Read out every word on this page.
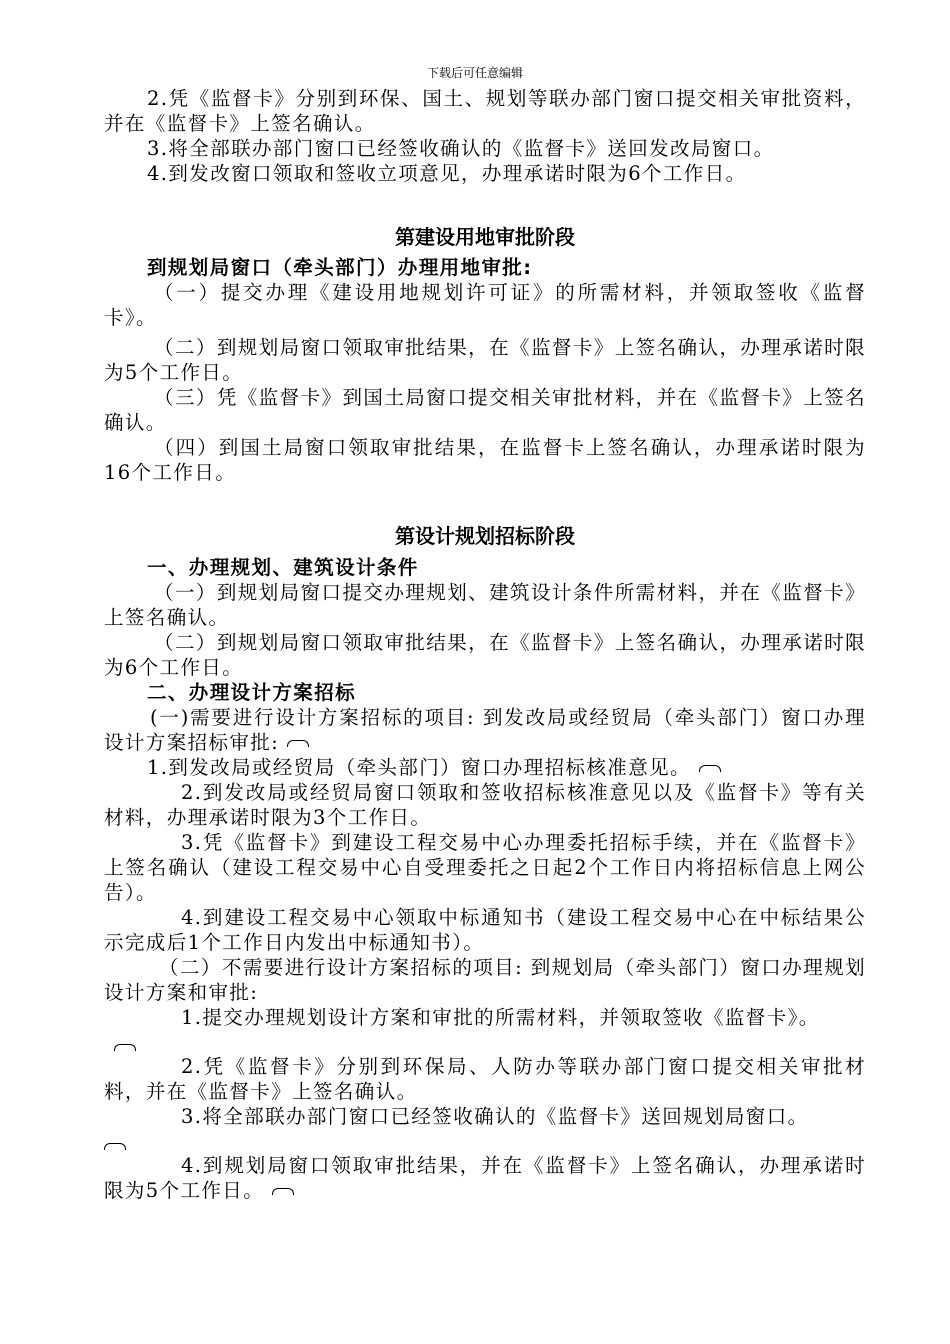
下载后可任意编辑

2.凭《监督卡》分别到环保、国土、规划等联办部门窗口提交相关审批资料，并在《监督卡》上签名确认。

3.将全部联办部门窗口已经签收确认的《监督卡》送回发改局窗口。

4.到发改窗口领取和签收立项意见，办理承诺时限为6个工作日。

第建设用地审批阶段

到规划局窗口（牵头部门）办理用地审批:

（一）提交办理《建设用地规划许可证》的所需材料，并领取签收《监督卡》。

（二）到规划局窗口领取审批结果，在《监督卡》上签名确认，办理承诺时限为5个工作日。

（三）凭《监督卡》到国土局窗口提交相关审批材料，并在《监督卡》上签名确认。

（四）到国土局窗口领取审批结果，在监督卡上签名确认，办理承诺时限为16个工作日。

第设计规划招标阶段

一、办理规划、建筑设计条件

（一）到规划局窗口提交办理规划、建筑设计条件所需材料，并在《监督卡》上签名确认。

（二）到规划局窗口领取审批结果，在《监督卡》上签名确认，办理承诺时限为6个工作日。

二、办理设计方案招标

(一)需要进行设计方案招标的项目: 到发改局或经贸局（牵头部门）窗口办理设计方案招标审批:

1.到发改局或经贸局（牵头部门）窗口办理招标核准意见。

2.到发改局或经贸局窗口领取和签收招标核准意见以及《监督卡》等有关材料，办理承诺时限为3个工作日。

3.凭《监督卡》到建设工程交易中心办理委托招标手续，并在《监督卡》上签名确认（建设工程交易中心自受理委托之日起2个工作日内将招标信息上网公告）。

4.到建设工程交易中心领取中标通知书（建设工程交易中心在中标结果公示完成后1个工作日内发出中标通知书）。

（二）不需要进行设计方案招标的项目: 到规划局（牵头部门）窗口办理规划设计方案和审批:

1.提交办理规划设计方案和审批的所需材料，并领取签收《监督卡》。

2.凭《监督卡》分别到环保局、人防办等联办部门窗口提交相关审批材料，并在《监督卡》上签名确认。

3.将全部联办部门窗口已经签收确认的《监督卡》送回规划局窗口。

4.到规划局窗口领取审批结果，并在《监督卡》上签名确认，办理承诺时限为5个工作日。
